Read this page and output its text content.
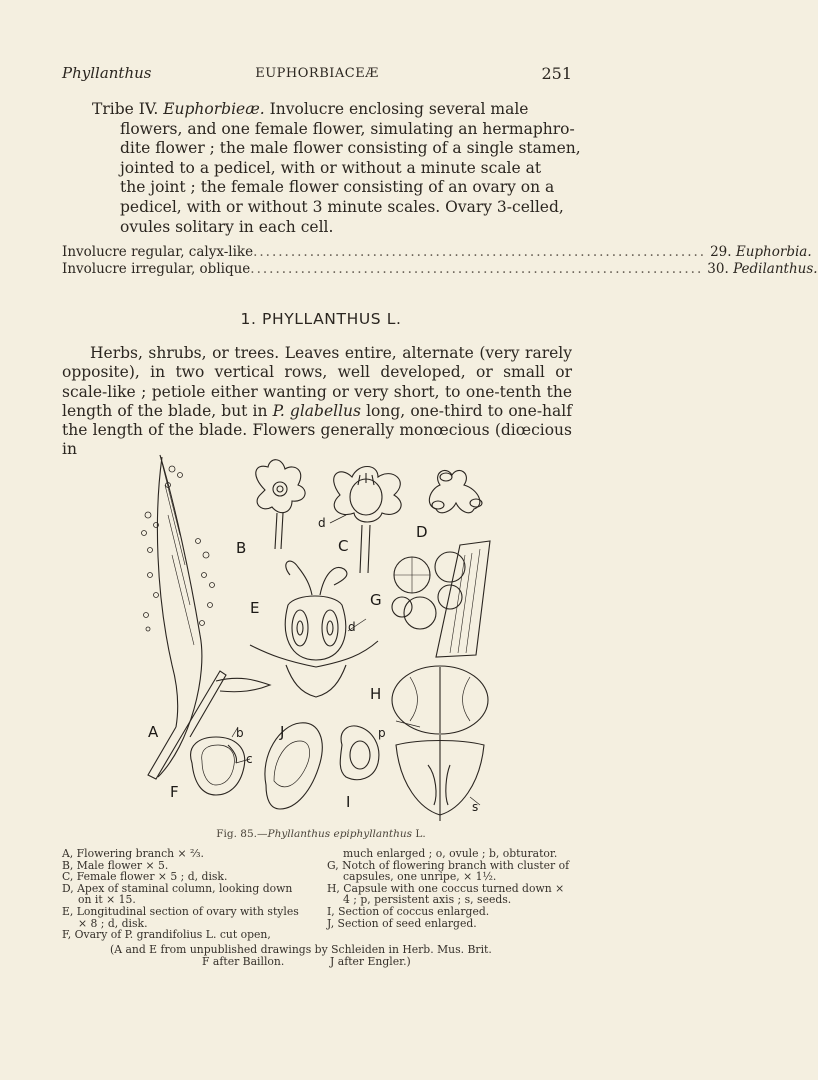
Phyllanthus	EUPHORBIACEÆ	251
Tribe IV. Euphorbieæ. Involucre enclosing several male
flowers, and one female flower, simulating an hermaphro-
dite flower ; the male flower consisting of a single stamen,
jointed to a pedicel, with or without a minute scale at
the joint ; the female flower consisting of an ovary on a
pedicel, with or without 3 minute scales. Ovary 3-celled,
ovules solitary in each cell.
Involucre regular, calyx-like ........................................................................ 29. Euphorbia.
Involucre irregular, oblique ........................................................................ 30. Pedilanthus.
1. PHYLLANTHUS L.

Herbs, shrubs, or trees. Leaves entire, alternate (very rarely opposite), in two vertical rows, well developed, or small or scale-like ; petiole either wanting or very short, to one-tenth the length of the blade, but in P. glabellus long, one-third to one-half the length of the blade. Flowers generally monœcious (diœcious in

B
d
C
D
E
d
G
H
A	b
c
J	p
F
I	s
Fig. 85.—Phyllanthus epiphyllanthus L.
A, Flowering branch × ⅔.
B, Male flower × 5.
C, Female flower × 5 ; d, disk.
D, Apex of staminal column, looking down on it × 15.
E, Longitudinal section of ovary with styles × 8 ; d, disk.
F, Ovary of P. grandifolius L. cut open,
much enlarged ; o, ovule ; b, obturator.
G, Notch of flowering branch with cluster of capsules, one unripe, × 1½.
H, Capsule with one coccus turned down × 4 ; p, persistent axis ; s, seeds.
I, Section of coccus enlarged.
J, Section of seed enlarged.
(A and E from unpublished drawings by Schleiden in Herb. Mus. Brit.
F after Baillon.	J after Engler.)
